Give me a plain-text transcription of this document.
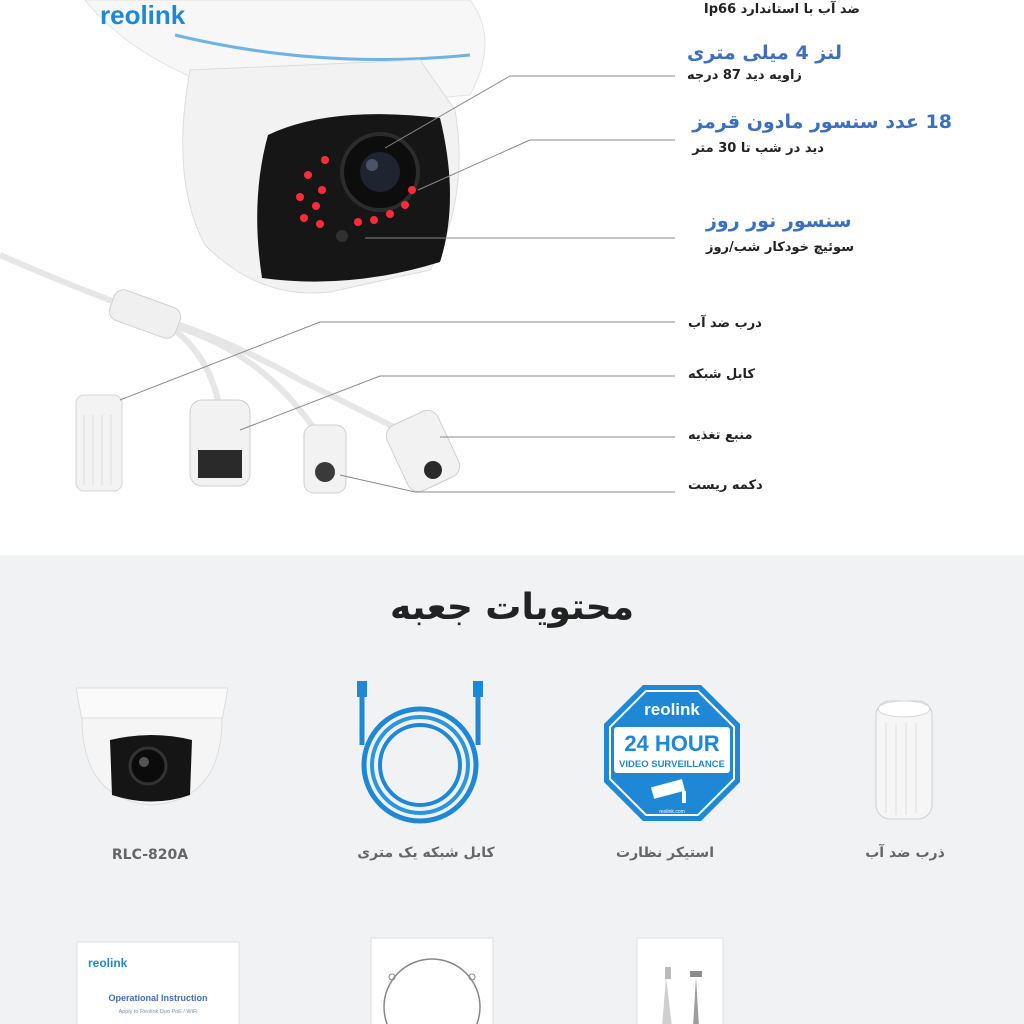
reolink	ضد آب با استاندارد Ip66
لنز 4 میلی متری
زاویه دید 87 درجه
18 عدد سنسور مادون قرمز
دید در شب تا 30 متر
سنسور نور روز
سوئیچ خودکار شب/روز
درب ضد آب
کابل شبکه
منبع تغذیه
دکمه ریست
محتویات جعبه
RLC-820A	کابل شبکه یک متری
reolink
24 HOUR
VIDEO SURVEILLANCE
reolink.com
استیکر نظارت	ذرب ضد آب
reolink
Operational Instruction
Apply to Reolink Duo PoE / WiFi
